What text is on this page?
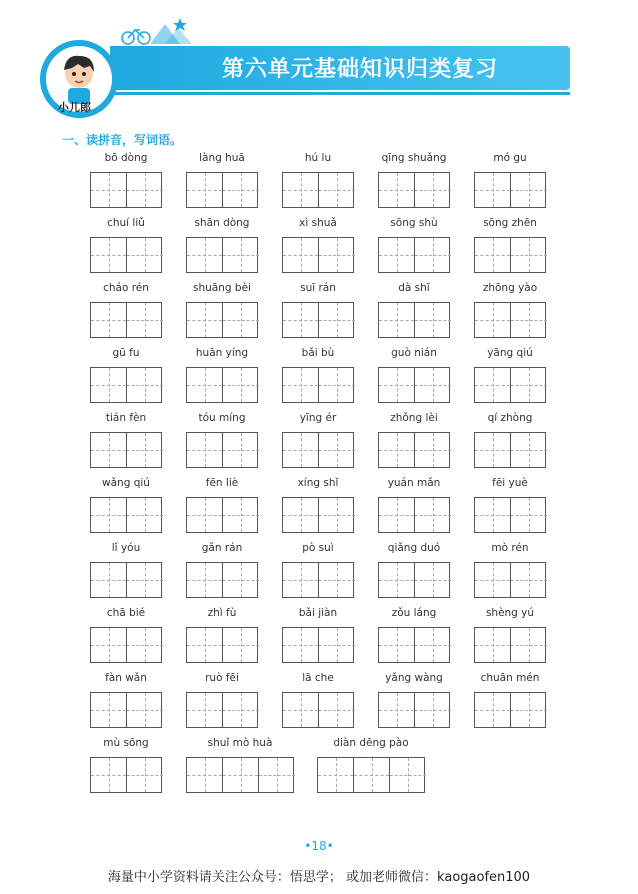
第六单元基础知识归类复习
小儿郎
一、读拼音，写词语。
bō dòng	làng huā	hú lu	qīng shuǎng	mó gu
chuí liǔ	shān dòng	xì shuǎ	sōng shù	sōng zhēn
cháo rén	shuāng bèi	suī rán	dà shī	zhōng yào
gū fu	huān yíng	bǎi bù	guò nián	yāng qiú
tián fèn	tóu míng	yīng ér	zhǒng lèi	qí zhòng
wǎng qiú	fēn liè	xíng shǐ	yuán mǎn	fēi yuè
lǐ yóu	gǎn rán	pò suì	qiǎng duó	mò rén
chā bié	zhì fù	bǎi jiàn	zǒu láng	shèng yú
fàn wǎn	ruò fēi	lā che	yǎng wàng	chuān mén
mù sōng	shuǐ mò huà	diàn dēng pào
•18•
海量中小学资料请关注公众号：悟思学； 或加老师微信：kaogaofen100
